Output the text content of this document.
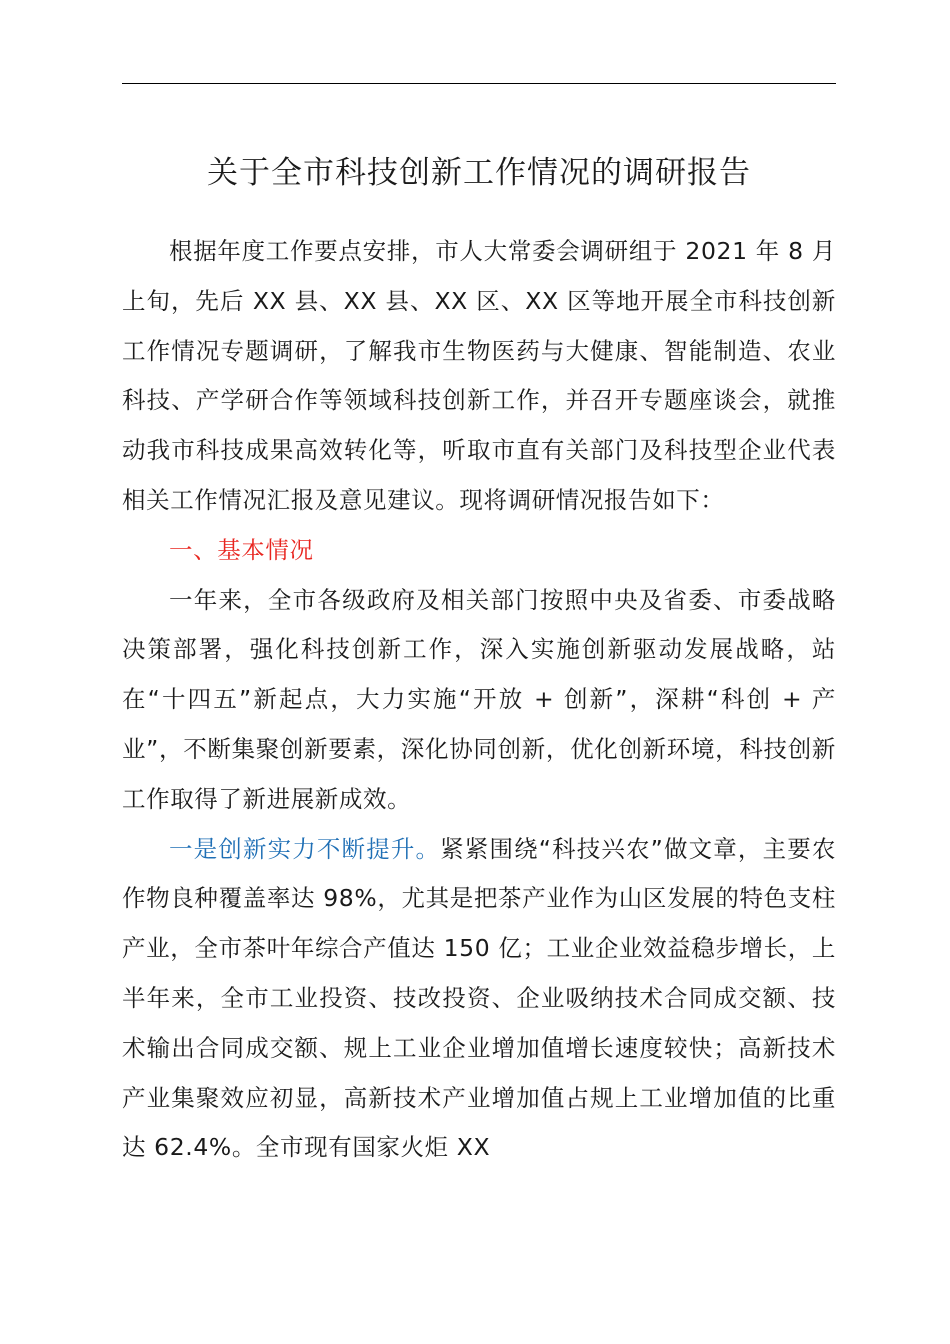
关于全市科技创新工作情况的调研报告

根据年度工作要点安排，市人大常委会调研组于 2021 年 8 月上旬，先后 XX 县、XX 县、XX 区、XX 区等地开展全市科技创新工作情况专题调研，了解我市生物医药与大健康、智能制造、农业科技、产学研合作等领域科技创新工作，并召开专题座谈会，就推动我市科技成果高效转化等，听取市直有关部门及科技型企业代表相关工作情况汇报及意见建议。现将调研情况报告如下：

一、基本情况

一年来，全市各级政府及相关部门按照中央及省委、市委战略决策部署，强化科技创新工作，深入实施创新驱动发展战略，站在“十四五”新起点，大力实施“开放 + 创新”，深耕“科创 + 产业”，不断集聚创新要素，深化协同创新，优化创新环境，科技创新工作取得了新进展新成效。

一是创新实力不断提升。紧紧围绕“科技兴农”做文章，主要农作物良种覆盖率达 98%，尤其是把茶产业作为山区发展的特色支柱产业，全市茶叶年综合产值达 150 亿；工业企业效益稳步增长，上半年来，全市工业投资、技改投资、企业吸纳技术合同成交额、技术输出合同成交额、规上工业企业增加值增长速度较快；高新技术产业集聚效应初显，高新技术产业增加值占规上工业增加值的比重达 62.4%。全市现有国家火炬 XX
